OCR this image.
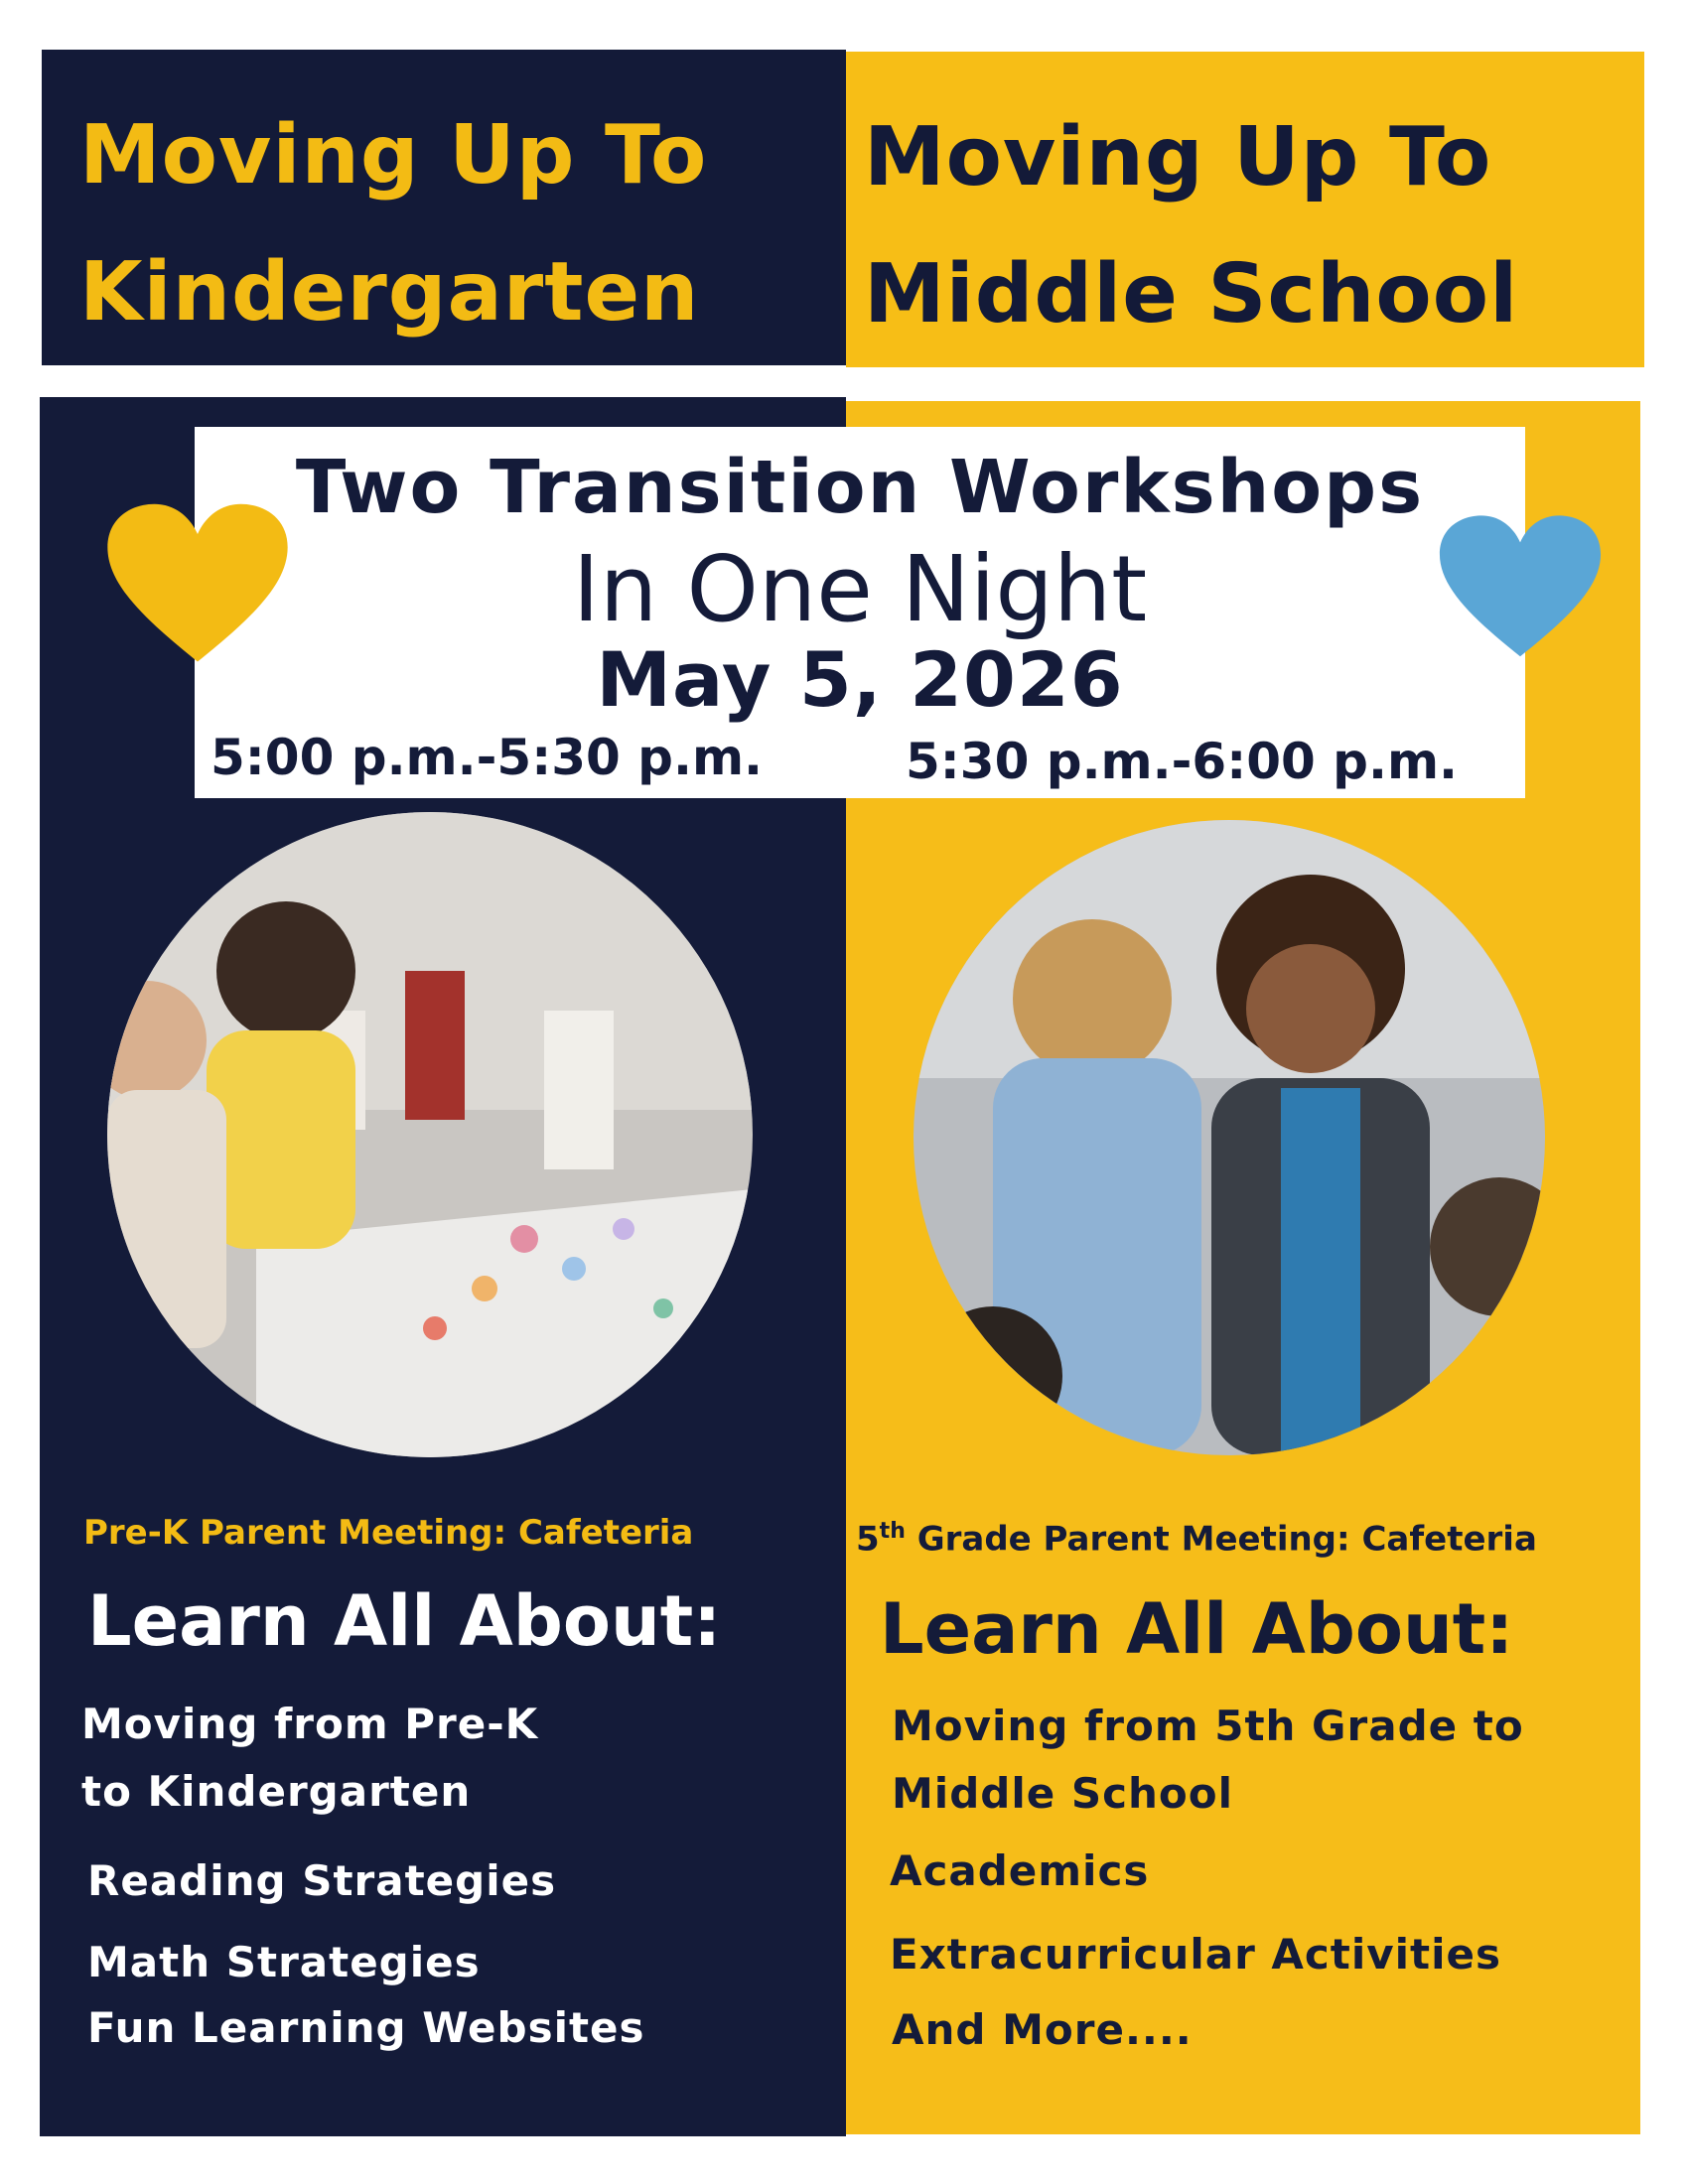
Moving Up To
Kindergarten
Moving Up To
Middle School
Two Transition Workshops
In One Night
May 5, 2026
5:00 p.m.-5:30 p.m.	5:30 p.m.-6:00 p.m.
Pre-K Parent Meeting: Cafeteria	5th Grade Parent Meeting: Cafeteria
Learn All About: Learn All About:
Moving from Pre-K
to Kindergarten
Reading Strategies
Math Strategies
Fun Learning Websites
Moving from 5th Grade to
Middle School
Academics
Extracurricular Activities
And More....
